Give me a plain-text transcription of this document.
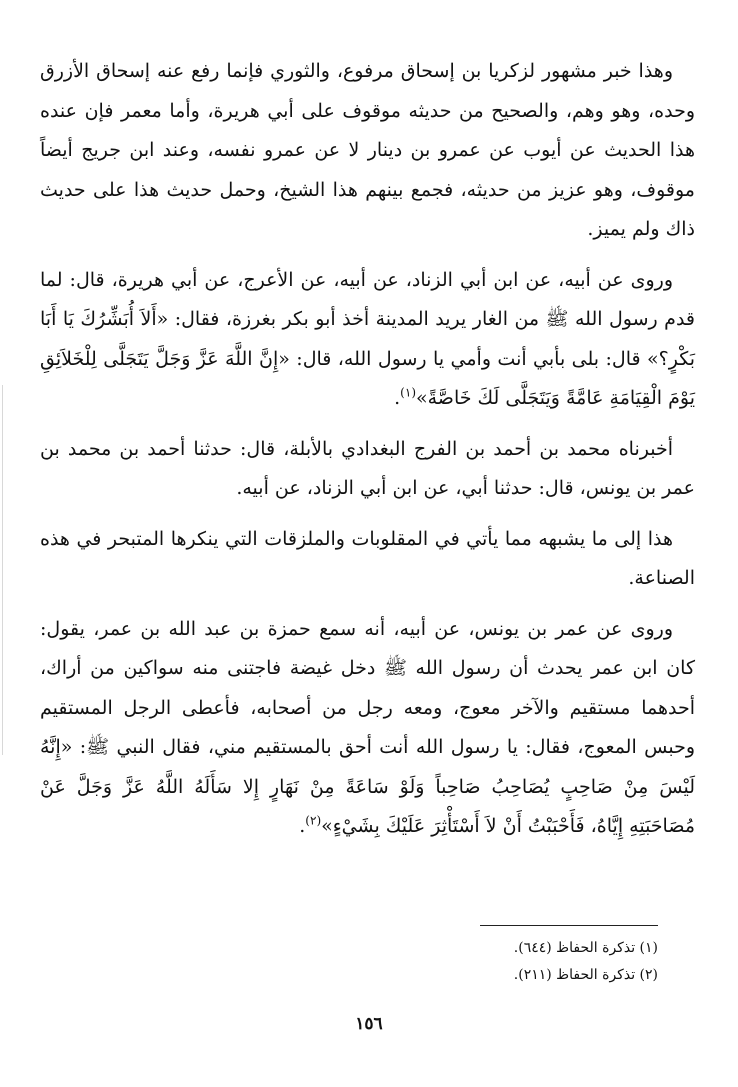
وهذا خبر مشهور لزكريا بن إسحاق مرفوع، والثوري فإنما رفع عنه إسحاق الأزرق وحده، وهو وهم، والصحيح من حديثه موقوف على أبي هريرة، وأما معمر فإن عنده هذا الحديث عن أيوب عن عمرو بن دينار لا عن عمرو نفسه، وعند ابن جريج أيضاً موقوف، وهو عزيز من حديثه، فجمع بينهم هذا الشيخ، وحمل حديث هذا على حديث ذاك ولم يميز.

وروى عن أبيه، عن ابن أبي الزناد، عن أبيه، عن الأعرج، عن أبي هريرة، قال: لما قدم رسول الله ﷺ من الغار يريد المدينة أخذ أبو بكر بغرزة، فقال: «أَلاَ أُبَشِّرُكَ يَا أَبَا بَكْرٍ؟» قال: بلى بأبي أنت وأمي يا رسول الله، قال: «إِنَّ اللَّهَ عَزَّ وَجَلَّ يَتَجَلَّى لِلْخَلاَئِقِ يَوْمَ الْقِيَامَةِ عَامَّةً وَيَتَجَلَّى لَكَ خَاصَّةً»$^{(١)}$.

أخبرناه محمد بن أحمد بن الفرج البغدادي بالأبلة، قال: حدثنا أحمد بن محمد بن عمر بن يونس، قال: حدثنا أبي، عن ابن أبي الزناد، عن أبيه.

هذا إلى ما يشبهه مما يأتي في المقلوبات والملزقات التي ينكرها المتبحر في هذه الصناعة.

وروى عن عمر بن يونس، عن أبيه، أنه سمع حمزة بن عبد الله بن عمر، يقول: كان ابن عمر يحدث أن رسول الله ﷺ دخل غيضة فاجتنى منه سواكين من أراك، أحدهما مستقيم والآخر معوج، ومعه رجل من أصحابه، فأعطى الرجل المستقيم وحبس المعوج، فقال: يا رسول الله أنت أحق بالمستقيم مني، فقال النبي ﷺ: «إِنَّهُ لَيْسَ مِنْ صَاحِبٍ يُصَاحِبُ صَاحِباً وَلَوْ سَاعَةً مِنْ نَهَارٍ إِلا سَأَلَهُ اللَّهُ عَزَّ وَجَلَّ عَنْ مُصَاحَبَتِهِ إِيَّاهُ، فَأَحْبَبْتُ أَنْ لاَ أَسْتَأْثِرَ عَلَيْكَ بِشَيْءٍ»$^{(٢)}$.

(١) تذكرة الحفاظ (٦٤٤).
(٢) تذكرة الحفاظ (٢١١).
١٥٦
